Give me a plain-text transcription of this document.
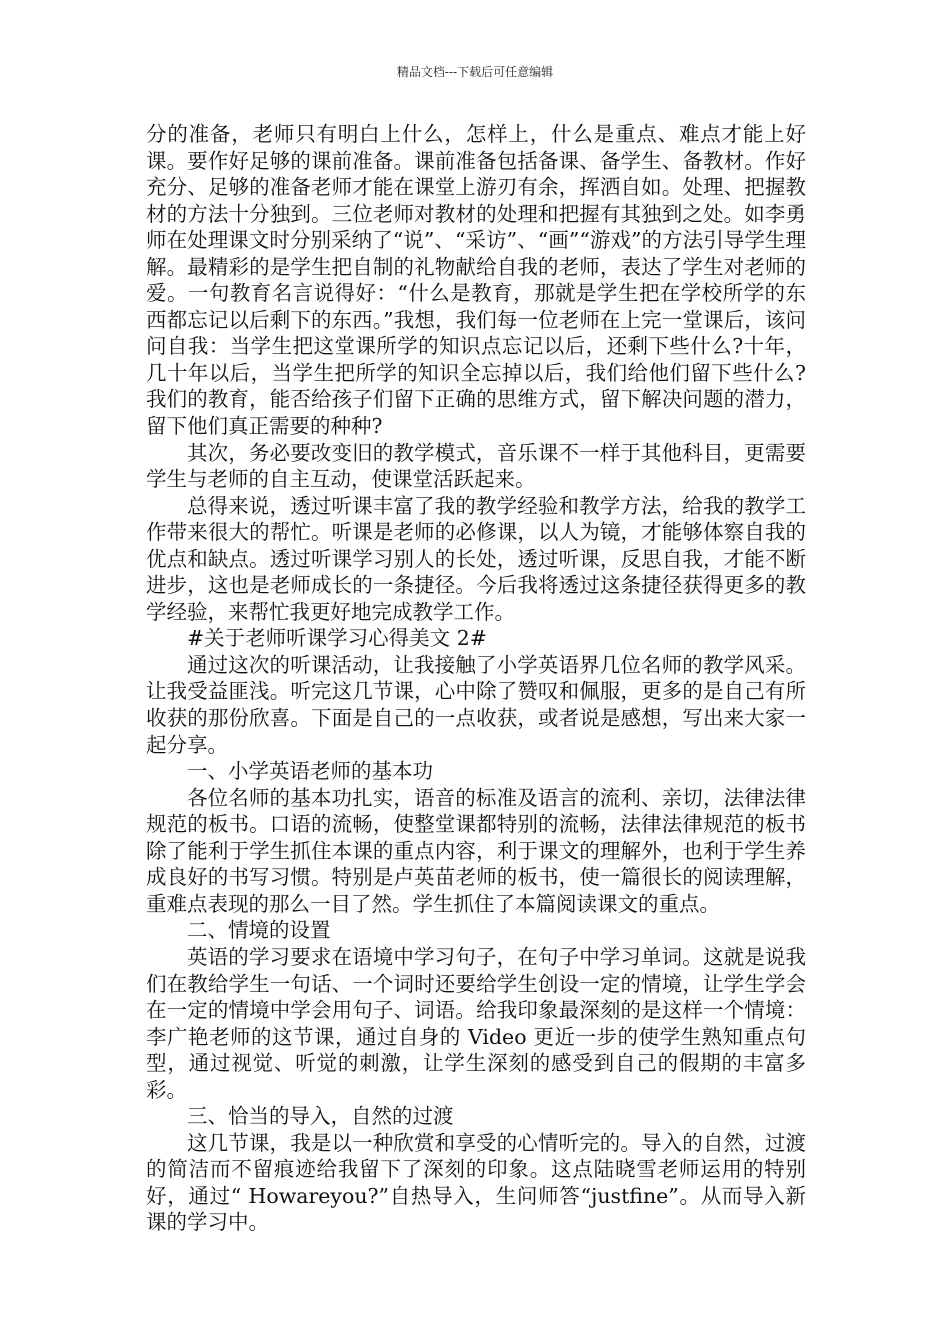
精品文档---下载后可任意编辑

分的准备，老师只有明白上什么，怎样上，什么是重点、难点才能上好课。要作好足够的课前准备。课前准备包括备课、备学生、备教材。作好充分、足够的准备老师才能在课堂上游刃有余，挥洒自如。处理、把握教材的方法十分独到。三位老师对教材的处理和把握有其独到之处。如李勇师在处理课文时分别采纳了“说”、“采访”、“画”“游戏”的方法引导学生理解。最精彩的是学生把自制的礼物献给自我的老师，表达了学生对老师的爱。一句教育名言说得好：“什么是教育，那就是学生把在学校所学的东西都忘记以后剩下的东西。”我想，我们每一位老师在上完一堂课后，该问问自我：当学生把这堂课所学的知识点忘记以后，还剩下些什么?十年，几十年以后，当学生把所学的知识全忘掉以后，我们给他们留下些什么?我们的教育，能否给孩子们留下正确的思维方式，留下解决问题的潜力，留下他们真正需要的种种?

其次，务必要改变旧的教学模式，音乐课不一样于其他科目，更需要学生与老师的自主互动，使课堂活跃起来。

总得来说，透过听课丰富了我的教学经验和教学方法，给我的教学工作带来很大的帮忙。听课是老师的必修课，以人为镜，才能够体察自我的优点和缺点。透过听课学习别人的长处，透过听课，反思自我，才能不断进步，这也是老师成长的一条捷径。今后我将透过这条捷径获得更多的教学经验，来帮忙我更好地完成教学工作。

#关于老师听课学习心得美文 2#

通过这次的听课活动，让我接触了小学英语界几位名师的教学风采。让我受益匪浅。听完这几节课，心中除了赞叹和佩服，更多的是自己有所收获的那份欣喜。下面是自己的一点收获，或者说是感想，写出来大家一起分享。

一、小学英语老师的基本功

各位名师的基本功扎实，语音的标准及语言的流利、亲切，法律法律规范的板书。口语的流畅，使整堂课都特别的流畅，法律法律规范的板书除了能利于学生抓住本课的重点内容，利于课文的理解外，也利于学生养成良好的书写习惯。特别是卢英苗老师的板书，使一篇很长的阅读理解，重难点表现的那么一目了然。学生抓住了本篇阅读课文的重点。

二、情境的设置

英语的学习要求在语境中学习句子，在句子中学习单词。这就是说我们在教给学生一句话、一个词时还要给学生创设一定的情境，让学生学会在一定的情境中学会用句子、词语。给我印象最深刻的是这样一个情境：李广艳老师的这节课，通过自身的 Video 更近一步的使学生熟知重点句型，通过视觉、听觉的刺激，让学生深刻的感受到自己的假期的丰富多彩。

三、恰当的导入，自然的过渡

这几节课，我是以一种欣赏和享受的心情听完的。导入的自然，过渡的简洁而不留痕迹给我留下了深刻的印象。这点陆晓雪老师运用的特别好，通过“ Howareyou?”自热导入，生问师答“justfine”。从而导入新课的学习中。
